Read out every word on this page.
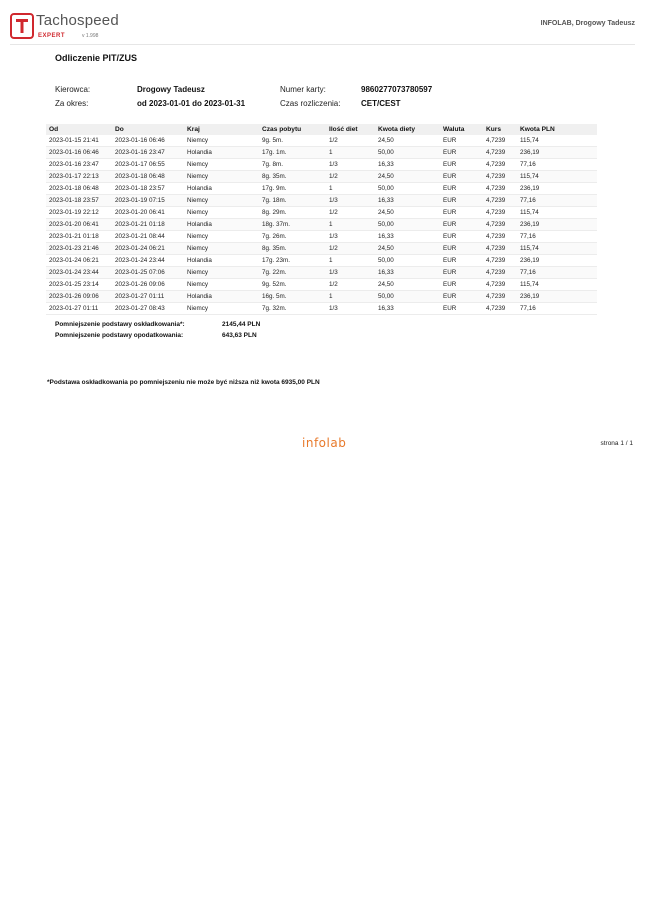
Tachospeed
EXPERT	v 1.998
INFOLAB, Drogowy Tadeusz
Odliczenie PIT/ZUS
Kierowca:	Drogowy Tadeusz	Numer karty:	9860277073780597
Za okres:	od 2023-01-01 do 2023-01-31	Czas rozliczenia:	CET/CEST
Od	Do	Kraj	Czas pobytu	Ilość diet	Kwota diety	Waluta	Kurs	Kwota PLN
2023-01-15 21:41	2023-01-16 06:46	Niemcy	9g. 5m.	1/2	24,50	EUR	4,7239	115,74
2023-01-16 06:46	2023-01-16 23:47	Holandia	17g. 1m.	1	50,00	EUR	4,7239	236,19
2023-01-16 23:47	2023-01-17 06:55	Niemcy	7g. 8m.	1/3	16,33	EUR	4,7239	77,16
2023-01-17 22:13	2023-01-18 06:48	Niemcy	8g. 35m.	1/2	24,50	EUR	4,7239	115,74
2023-01-18 06:48	2023-01-18 23:57	Holandia	17g. 9m.	1	50,00	EUR	4,7239	236,19
2023-01-18 23:57	2023-01-19 07:15	Niemcy	7g. 18m.	1/3	16,33	EUR	4,7239	77,16
2023-01-19 22:12	2023-01-20 06:41	Niemcy	8g. 29m.	1/2	24,50	EUR	4,7239	115,74
2023-01-20 06:41	2023-01-21 01:18	Holandia	18g. 37m.	1	50,00	EUR	4,7239	236,19
2023-01-21 01:18	2023-01-21 08:44	Niemcy	7g. 26m.	1/3	16,33	EUR	4,7239	77,16
2023-01-23 21:46	2023-01-24 06:21	Niemcy	8g. 35m.	1/2	24,50	EUR	4,7239	115,74
2023-01-24 06:21	2023-01-24 23:44	Holandia	17g. 23m.	1	50,00	EUR	4,7239	236,19
2023-01-24 23:44	2023-01-25 07:06	Niemcy	7g. 22m.	1/3	16,33	EUR	4,7239	77,16
2023-01-25 23:14	2023-01-26 09:06	Niemcy	9g. 52m.	1/2	24,50	EUR	4,7239	115,74
2023-01-26 09:06	2023-01-27 01:11	Holandia	16g. 5m.	1	50,00	EUR	4,7239	236,19
2023-01-27 01:11	2023-01-27 08:43	Niemcy	7g. 32m.	1/3	16,33	EUR	4,7239	77,16
Pomniejszenie podstawy oskładkowania*:	2145,44 PLN
Pomniejszenie podstawy opodatkowania:	643,63 PLN
*Podstawa oskładkowania po pomniejszeniu nie może być niższa niż kwota 6935,00 PLN
infolab	strona 1 / 1
